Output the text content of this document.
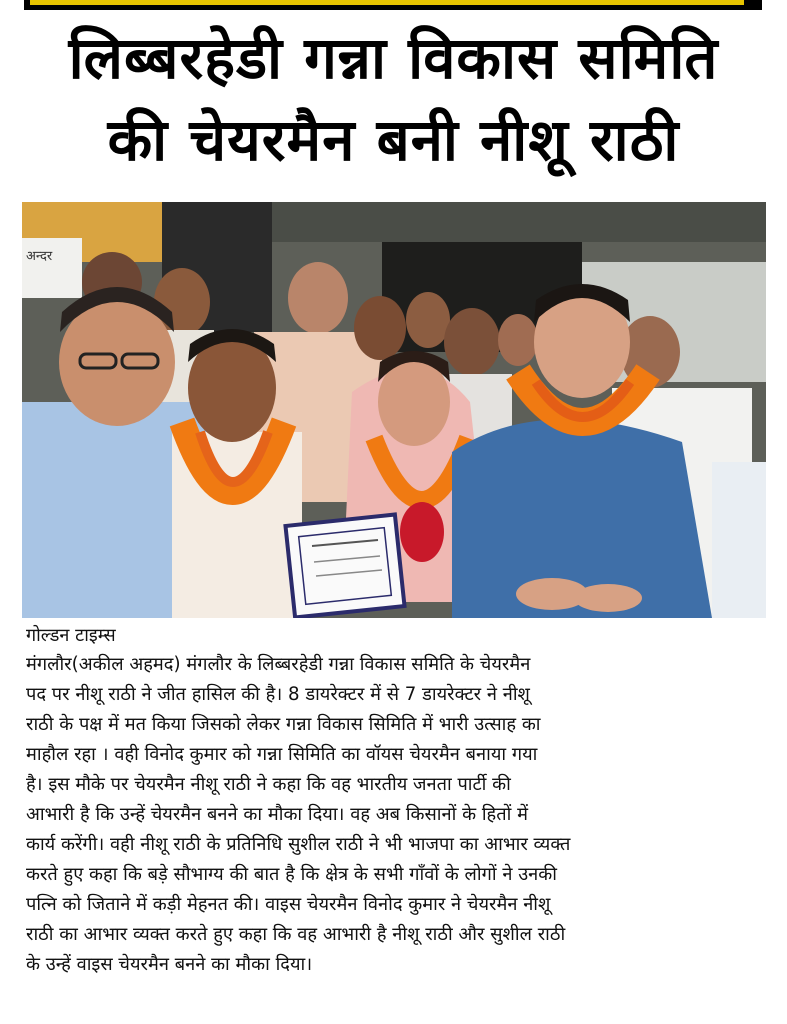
लिब्बरहेडी गन्ना विकास समिति
की चेयरमैन बनी नीशू राठी
अन्दर
गोल्डन टाइम्स
मंगलौर(अकील अहमद) मंगलौर के लिब्बरहेडी गन्ना विकास समिति के चेयरमैन
पद पर नीशू राठी ने जीत हासिल की है। 8 डायरेक्टर में से 7 डायरेक्टर ने नीशू
राठी के पक्ष में मत किया जिसको लेकर गन्ना विकास सिमिति में भारी उत्साह का
माहौल रहा । वही विनोद कुमार को गन्ना सिमिति का वॉयस चेयरमैन बनाया गया
है। इस मौके पर चेयरमैन नीशू राठी ने कहा कि वह भारतीय जनता पार्टी की
आभारी है कि उन्हें चेयरमैन बनने का मौका दिया। वह अब किसानों के हितों में
कार्य करेंगी। वही नीशू राठी के प्रतिनिधि सुशील राठी ने भी भाजपा का आभार व्यक्त
करते हुए कहा कि बड़े सौभाग्य की बात है कि क्षेत्र के सभी गाँवों के लोगों ने उनकी
पत्नि को जिताने में कड़ी मेहनत की। वाइस चेयरमैन विनोद कुमार ने चेयरमैन नीशू
राठी का आभार व्यक्त करते हुए कहा कि वह आभारी है नीशू राठी और सुशील राठी
के उन्हें वाइस चेयरमैन बनने का मौका दिया।
